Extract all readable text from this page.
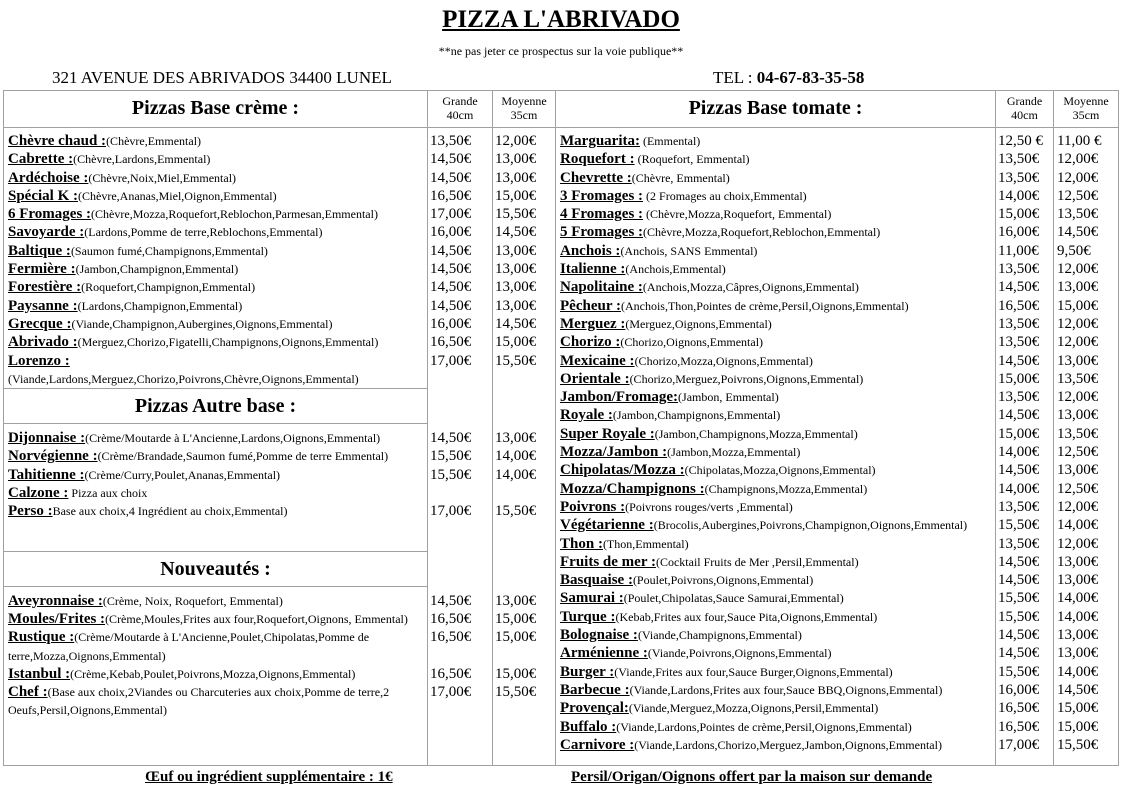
PIZZA L'ABRIVADO
**ne pas jeter ce prospectus sur la voie publique**
321 AVENUE DES ABRIVADOS 34400 LUNEL	TEL : 04-67-83-35-58
Grande
40cm
Moyenne
35cm
Pizzas Base crème :
Chèvre chaud :(Chèvre,Emmental)	13,50€ 12,00€
Cabrette :(Chèvre,Lardons,Emmental)	14,50€ 13,00€
Ardéchoise :(Chèvre,Noix,Miel,Emmental)	14,50€ 13,00€
Spécial K :(Chèvre,Ananas,Miel,Oignon,Emmental)	16,50€ 15,00€
6 Fromages :(Chèvre,Mozza,Roquefort,Reblochon,Parmesan,Emmental)	17,00€ 15,50€
Savoyarde :(Lardons,Pomme de terre,Reblochons,Emmental)	16,00€ 14,50€
Baltique :(Saumon fumé,Champignons,Emmental)	14,50€ 13,00€
Fermière :(Jambon,Champignon,Emmental)	14,50€ 13,00€
Forestière :(Roquefort,Champignon,Emmental)	14,50€ 13,00€
Paysanne :(Lardons,Champignon,Emmental)	14,50€ 13,00€
Grecque :(Viande,Champignon,Aubergines,Oignons,Emmental)	16,00€ 14,50€
Abrivado :(Merguez,Chorizo,Figatelli,Champignons,Oignons,Emmental)	16,50€ 15,00€
Lorenzo :
(Viande,Lardons,Merguez,Chorizo,Poivrons,Chèvre,Oignons,Emmental)
17,00€ 15,50€
Pizzas Autre base :
Dijonnaise :(Crème/Moutarde à L'Ancienne,Lardons,Oignons,Emmental)	14,50€ 13,00€
Norvégienne :(Crème/Brandade,Saumon fumé,Pomme de terre Emmental)	15,50€ 14,00€
Tahitienne :(Crème/Curry,Poulet,Ananas,Emmental)	15,50€ 14,00€
Calzone : Pizza aux choix
Perso :Base aux choix,4 Ingrédient au choix,Emmental)	17,00€ 15,50€
Nouveautés :
Aveyronnaise :(Crème, Noix, Roquefort, Emmental)	14,50€ 13,00€
Moules/Frites :(Crème,Moules,Frites aux four,Roquefort,Oignons, Emmental)	16,50€ 15,00€
Rustique :(Crème/Moutarde à L'Ancienne,Poulet,Chipolatas,Pomme de terre,Mozza,Oignons,Emmental)
16,50€ 15,00€
Istanbul :(Crème,Kebab,Poulet,Poivrons,Mozza,Oignons,Emmental)	16,50€ 15,00€
Chef :(Base aux choix,2Viandes ou Charcuteries aux choix,Pomme de terre,2 Oeufs,Persil,Oignons,Emmental)
17,00€ 15,50€
Grande
40cm
Moyenne
35cm
Pizzas Base tomate :
Marguarita: (Emmental)	12,50 € 11,00 €
Roquefort : (Roquefort, Emmental)	13,50€ 12,00€
Chevrette :(Chèvre, Emmental)	13,50€ 12,00€
3 Fromages : (2 Fromages au choix,Emmental)	14,00€ 12,50€
4 Fromages : (Chèvre,Mozza,Roquefort, Emmental)	15,00€ 13,50€
5 Fromages :(Chèvre,Mozza,Roquefort,Reblochon,Emmental)	16,00€ 14,50€
Anchois :(Anchois, SANS Emmental)	11,00€ 9,50€
Italienne :(Anchois,Emmental)	13,50€ 12,00€
Napolitaine :(Anchois,Mozza,Câpres,Oignons,Emmental)	14,50€ 13,00€
Pêcheur :(Anchois,Thon,Pointes de crème,Persil,Oignons,Emmental)	16,50€ 15,00€
Merguez :(Merguez,Oignons,Emmental)	13,50€ 12,00€
Chorizo :(Chorizo,Oignons,Emmental)	13,50€ 12,00€
Mexicaine :(Chorizo,Mozza,Oignons,Emmental)	14,50€ 13,00€
Orientale :(Chorizo,Merguez,Poivrons,Oignons,Emmental)	15,00€ 13,50€
Jambon/Fromage:(Jambon, Emmental)	13,50€ 12,00€
Royale :(Jambon,Champignons,Emmental)	14,50€ 13,00€
Super Royale :(Jambon,Champignons,Mozza,Emmental)	15,00€ 13,50€
Mozza/Jambon :(Jambon,Mozza,Emmental)	14,00€ 12,50€
Chipolatas/Mozza :(Chipolatas,Mozza,Oignons,Emmental)	14,50€ 13,00€
Mozza/Champignons :(Champignons,Mozza,Emmental)	14,00€ 12,50€
Poivrons :(Poivrons rouges/verts ,Emmental)	13,50€ 12,00€
Végétarienne :(Brocolis,Aubergines,Poivrons,Champignon,Oignons,Emmental)	15,50€ 14,00€
Thon :(Thon,Emmental)	13,50€ 12,00€
Fruits de mer :(Cocktail Fruits de Mer ,Persil,Emmental)	14,50€ 13,00€
Basquaise :(Poulet,Poivrons,Oignons,Emmental)	14,50€ 13,00€
Samurai :(Poulet,Chipolatas,Sauce Samurai,Emmental)	15,50€ 14,00€
Turque :(Kebab,Frites aux four,Sauce Pita,Oignons,Emmental)	15,50€ 14,00€
Bolognaise :(Viande,Champignons,Emmental)	14,50€ 13,00€
Arménienne :(Viande,Poivrons,Oignons,Emmental)	14,50€ 13,00€
Burger :(Viande,Frites aux four,Sauce Burger,Oignons,Emmental)	15,50€ 14,00€
Barbecue :(Viande,Lardons,Frites aux four,Sauce BBQ,Oignons,Emmental)	16,00€ 14,50€
Provençal:(Viande,Merguez,Mozza,Oignons,Persil,Emmental)	16,50€ 15,00€
Buffalo :(Viande,Lardons,Pointes de crème,Persil,Oignons,Emmental)	16,50€ 15,00€
Carnivore :(Viande,Lardons,Chorizo,Merguez,Jambon,Oignons,Emmental)	17,00€ 15,50€
Œuf ou ingrédient supplémentaire : 1€	Persil/Origan/Oignons offert par la maison sur demande
